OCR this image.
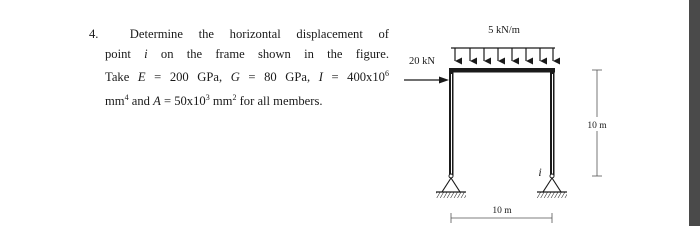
4. Determine the horizontal displacement of
point i on the frame shown in the figure.
Take E = 200 GPa, G = 80 GPa, $I = 400x10^6$
$mm^4$ and $A = 50x10^3$ $mm^2$ for all members.
5 kN/m
20 kN
i
10 m
10 m
